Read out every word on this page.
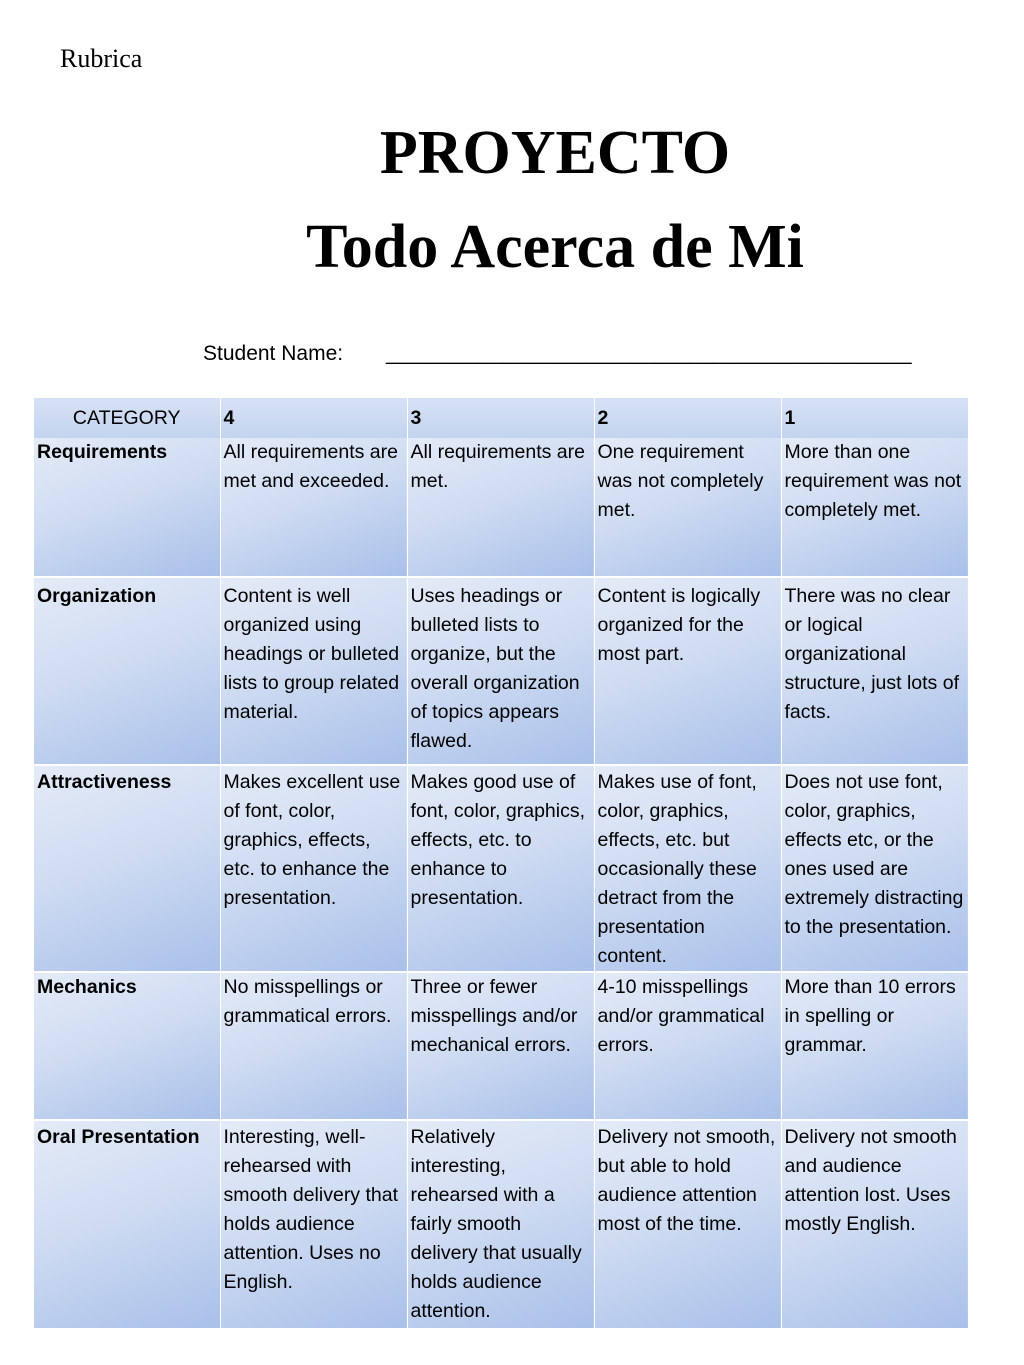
Rubrica
PROYECTO
Todo Acerca de Mi
Student Name: _____________________________________________
CATEGORY	4	3	2	1
Requirements	All requirements are met and exceeded.	All requirements are met.	One requirement was not completely met.	More than one requirement was not completely met.
Organization	Content is well organized using headings or bulleted lists to group related material.	Uses headings or bulleted lists to organize, but the overall organization of topics appears flawed.	Content is logically organized for the most part.	There was no clear or logical organizational structure, just lots of facts.
Attractiveness	Makes excellent use of font, color, graphics, effects, etc. to enhance the presentation.	Makes good use of font, color, graphics, effects, etc. to enhance to presentation.	Makes use of font, color, graphics, effects, etc. but occasionally these detract from the presentation content.	Does not use font, color, graphics, effects etc, or the ones used are extremely distracting to the presentation.
Mechanics	No misspellings or grammatical errors.	Three or fewer misspellings and/or mechanical errors.	4-10 misspellings and/or grammatical errors.	More than 10 errors in spelling or grammar.
Oral Presentation	Interesting, well-rehearsed with smooth delivery that holds audience attention. Uses no English.	Relatively interesting, rehearsed with a fairly smooth delivery that usually holds audience attention.	Delivery not smooth, but able to hold audience attention most of the time.	Delivery not smooth and audience attention lost. Uses mostly English.
